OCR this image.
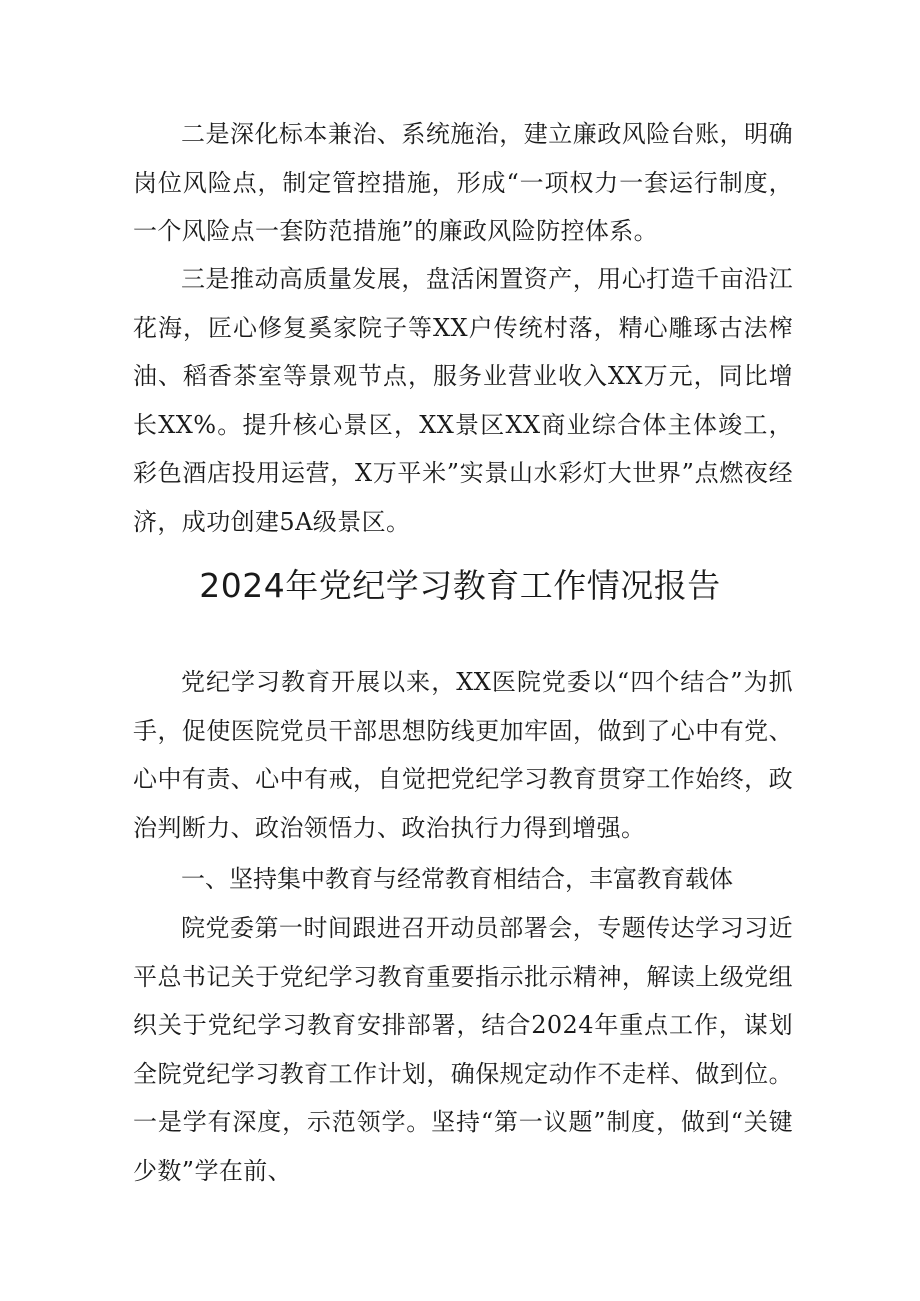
二是深化标本兼治、系统施治，建立廉政风险台账，明确岗位风险点，制定管控措施，形成“一项权力一套运行制度，一个风险点一套防范措施”的廉政风险防控体系。

三是推动高质量发展，盘活闲置资产，用心打造千亩沿江花海，匠心修复奚家院子等XX户传统村落，精心雕琢古法榨油、稻香茶室等景观节点，服务业营业收入XX万元，同比增长XX%。提升核心景区，XX景区XX商业综合体主体竣工，彩色酒店投用运营，X万平米”实景山水彩灯大世界”点燃夜经济，成功创建5A级景区。

2024年党纪学习教育工作情况报告

党纪学习教育开展以来，XX医院党委以“四个结合”为抓手，促使医院党员干部思想防线更加牢固，做到了心中有党、心中有责、心中有戒，自觉把党纪学习教育贯穿工作始终，政治判断力、政治领悟力、政治执行力得到增强。

一、坚持集中教育与经常教育相结合，丰富教育载体

院党委第一时间跟进召开动员部署会，专题传达学习习近平总书记关于党纪学习教育重要指示批示精神，解读上级党组织关于党纪学习教育安排部署，结合2024年重点工作，谋划全院党纪学习教育工作计划，确保规定动作不走样、做到位。一是学有深度，示范领学。坚持“第一议题”制度，做到“关键少数”学在前、
